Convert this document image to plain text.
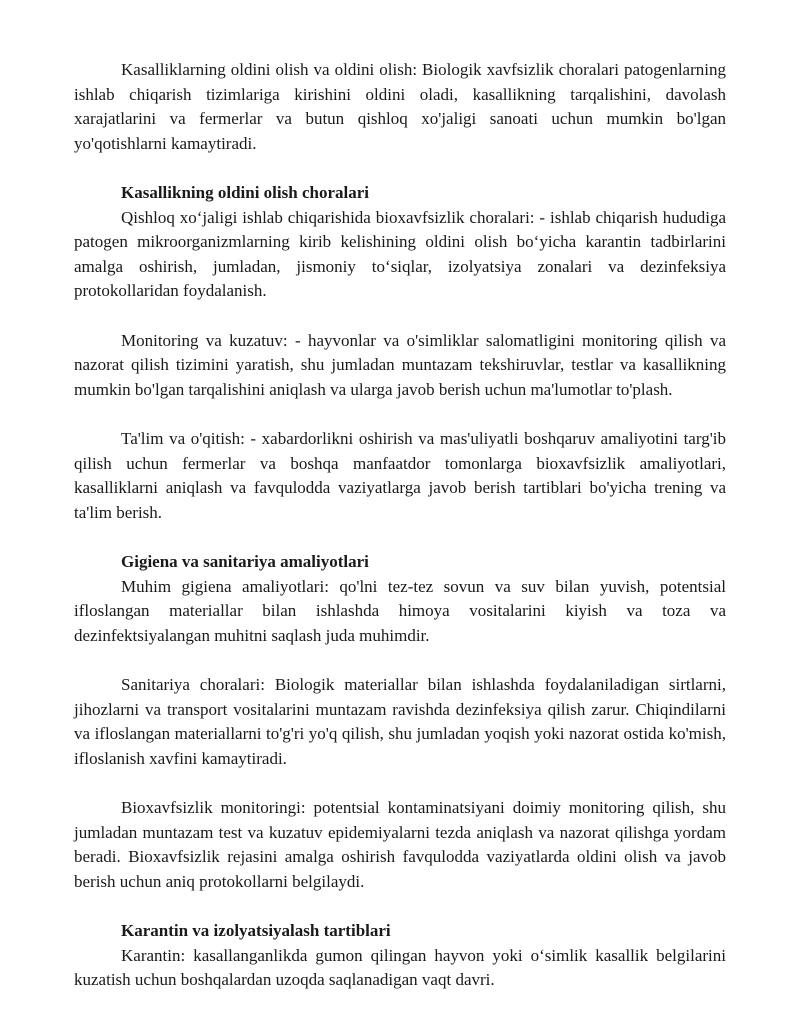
Kasalliklarning oldini olish va oldini olish: Biologik xavfsizlik choralari patogenlarning ishlab chiqarish tizimlariga kirishini oldini oladi, kasallikning tarqalishini, davolash xarajatlarini va fermerlar va butun qishloq xo'jaligi sanoati uchun mumkin bo'lgan yo'qotishlarni kamaytiradi.

Kasallikning oldini olish choralari

Qishloq xo‘jaligi ishlab chiqarishida bioxavfsizlik choralari: - ishlab chiqarish hududiga patogen mikroorganizmlarning kirib kelishining oldini olish bo‘yicha karantin tadbirlarini amalga oshirish, jumladan, jismoniy to‘siqlar, izolyatsiya zonalari va dezinfeksiya protokollaridan foydalanish.

Monitoring va kuzatuv: - hayvonlar va o'simliklar salomatligini monitoring qilish va nazorat qilish tizimini yaratish, shu jumladan muntazam tekshiruvlar, testlar va kasallikning mumkin bo'lgan tarqalishini aniqlash va ularga javob berish uchun ma'lumotlar to'plash.

Ta'lim va o'qitish: - xabardorlikni oshirish va mas'uliyatli boshqaruv amaliyotini targ'ib qilish uchun fermerlar va boshqa manfaatdor tomonlarga bioxavfsizlik amaliyotlari, kasalliklarni aniqlash va favqulodda vaziyatlarga javob berish tartiblari bo'yicha trening va ta'lim berish.

Gigiena va sanitariya amaliyotlari

Muhim gigiena amaliyotlari: qo'lni tez-tez sovun va suv bilan yuvish, potentsial ifloslangan materiallar bilan ishlashda himoya vositalarini kiyish va toza va dezinfektsiyalangan muhitni saqlash juda muhimdir.

Sanitariya choralari: Biologik materiallar bilan ishlashda foydalaniladigan sirtlarni, jihozlarni va transport vositalarini muntazam ravishda dezinfeksiya qilish zarur. Chiqindilarni va ifloslangan materiallarni to'g'ri yo'q qilish, shu jumladan yoqish yoki nazorat ostida ko'mish, ifloslanish xavfini kamaytiradi.

Bioxavfsizlik monitoringi: potentsial kontaminatsiyani doimiy monitoring qilish, shu jumladan muntazam test va kuzatuv epidemiyalarni tezda aniqlash va nazorat qilishga yordam beradi. Bioxavfsizlik rejasini amalga oshirish favqulodda vaziyatlarda oldini olish va javob berish uchun aniq protokollarni belgilaydi.

Karantin va izolyatsiyalash tartiblari

Karantin: kasallanganlikda gumon qilingan hayvon yoki o‘simlik kasallik belgilarini kuzatish uchun boshqalardan uzoqda saqlanadigan vaqt davri.
